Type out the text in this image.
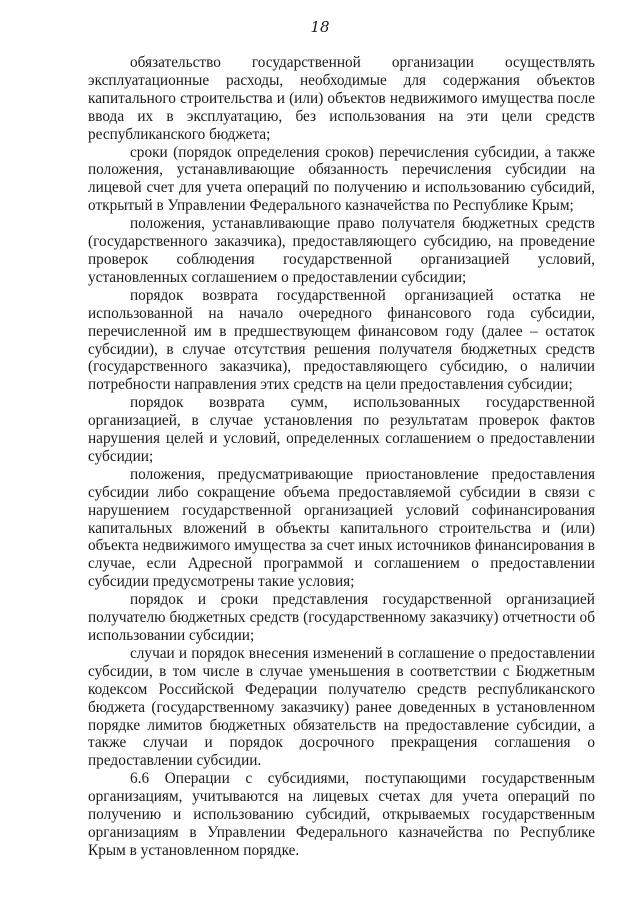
18

обязательство государственной организации осуществлять эксплуатационные расходы, необходимые для содержания объектов капитального строительства и (или) объектов недвижимого имущества после ввода их в эксплуатацию, без использования на эти цели средств республиканского бюджета;

сроки (порядок определения сроков) перечисления субсидии, а также положения, устанавливающие обязанность перечисления субсидии на лицевой счет для учета операций по получению и использованию субсидий, открытый в Управлении Федерального казначейства по Республике Крым;

положения, устанавливающие право получателя бюджетных средств (государственного заказчика), предоставляющего субсидию, на проведение проверок соблюдения государственной организацией условий, установленных соглашением о предоставлении субсидии;

порядок возврата государственной организацией остатка не использованной на начало очередного финансового года субсидии, перечисленной им в предшествующем финансовом году (далее – остаток субсидии), в случае отсутствия решения получателя бюджетных средств (государственного заказчика), предоставляющего субсидию, о наличии потребности направления этих средств на цели предоставления субсидии;

порядок возврата сумм, использованных государственной организацией, в случае установления по результатам проверок фактов нарушения целей и условий, определенных соглашением о предоставлении субсидии;

положения, предусматривающие приостановление предоставления субсидии либо сокращение объема предоставляемой субсидии в связи с нарушением государственной организацией условий софинансирования капитальных вложений в объекты капитального строительства и (или) объекта недвижимого имущества за счет иных источников финансирования в случае, если Адресной программой и соглашением о предоставлении субсидии предусмотрены такие условия;

порядок и сроки представления государственной организацией получателю бюджетных средств (государственному заказчику) отчетности об использовании субсидии;

случаи и порядок внесения изменений в соглашение о предоставлении субсидии, в том числе в случае уменьшения в соответствии с Бюджетным кодексом Российской Федерации получателю средств республиканского бюджета (государственному заказчику) ранее доведенных в установленном порядке лимитов бюджетных обязательств на предоставление субсидии, а также случаи и порядок досрочного прекращения соглашения о предоставлении субсидии.

6.6 Операции с субсидиями, поступающими государственным организациям, учитываются на лицевых счетах для учета операций по получению и использованию субсидий, открываемых государственным организациям в Управлении Федерального казначейства по Республике Крым в установленном порядке.
